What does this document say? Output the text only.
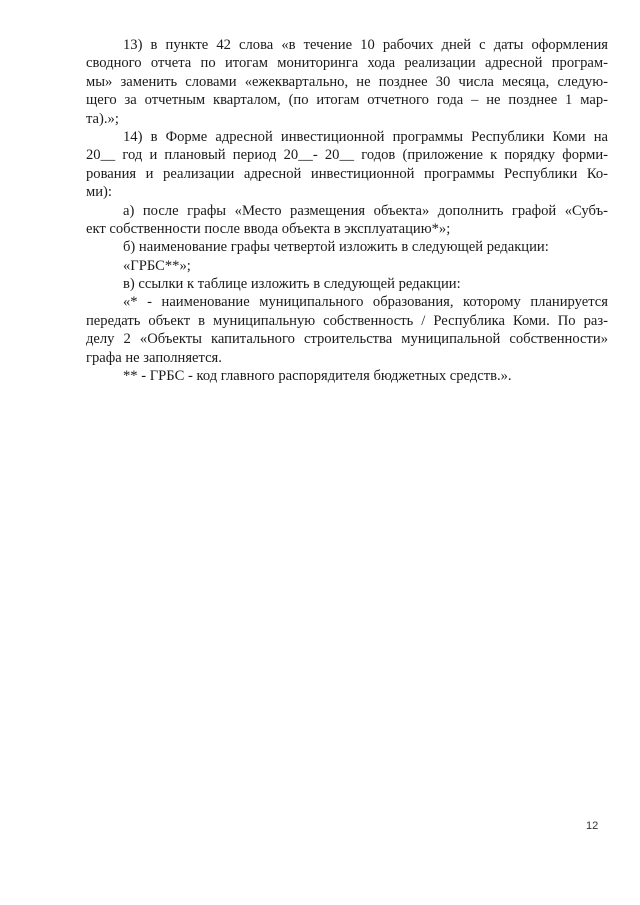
13) в пункте 42 слова «в течение 10 рабочих дней с даты оформления
сводного отчета по итогам мониторинга хода реализации адресной програм-
мы» заменить словами «ежеквартально, не позднее 30 числа месяца, следую-
щего за отчетным кварталом, (по итогам отчетного года – не позднее 1 мар-
та).»;
14) в Форме адресной инвестиционной программы Республики Коми на
20__ год и плановый период 20__- 20__ годов (приложение к порядку форми-
рования и реализации адресной инвестиционной программы Республики Ко-
ми):
а) после графы «Место размещения объекта» дополнить графой «Субъ-
ект собственности после ввода объекта в эксплуатацию*»;
б) наименование графы четвертой изложить в следующей редакции:
«ГРБС**»;
в) ссылки к таблице изложить в следующей редакции:
«* - наименование муниципального образования, которому планируется
передать объект в муниципальную собственность / Республика Коми. По раз-
делу 2 «Объекты капитального строительства муниципальной собственности»
графа не заполняется.
** - ГРБС - код главного распорядителя бюджетных средств.».
12
